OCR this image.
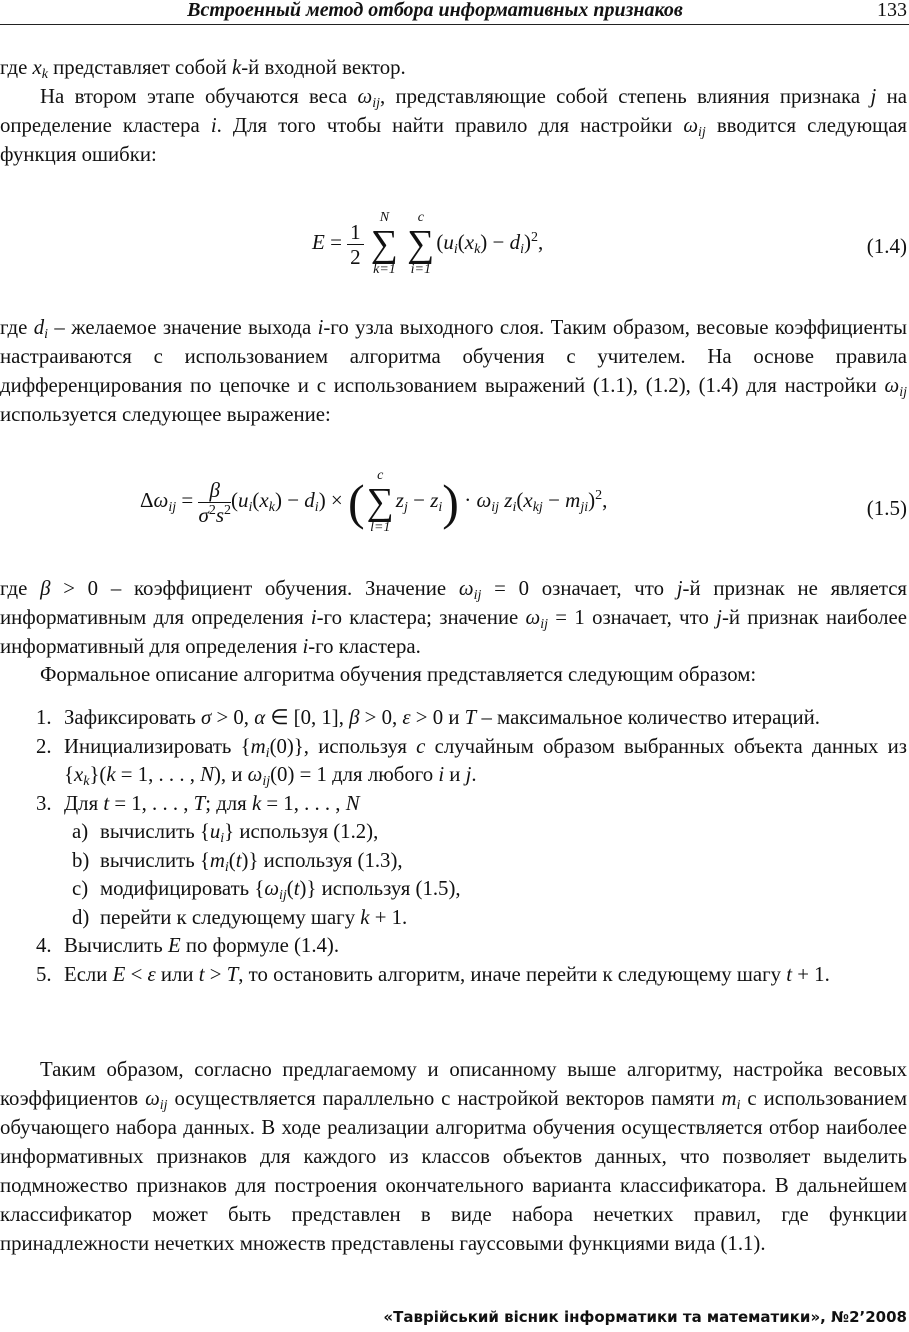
Встроенный метод отбора информативных признаков	133
где $x_k$ представляет собой k-й входной вектор.
На втором этапе обучаются веса $\omega_{ij}$, представляющие собой степень влияния признака j на определение кластера i. Для того чтобы найти правило для настройки $\omega_{ij}$ вводится следующая функция ошибки:
$E = \frac{1}{2}$

N
∑
k=1

c
∑
i=1
$(u_i(x_k) - d_i)^2$,	(1.4)
где $d_i$ – желаемое значение выхода i-го узла выходного слоя. Таким образом, весовые коэффициенты настраиваются с использованием алгоритма обучения с учителем. На основе правила дифференцирования по цепочке и с использованием выражений (1.1), (1.2), (1.4) для настройки $\omega_{ij}$ используется следующее выражение:
$\Delta\omega_{ij} = \frac{\beta}{\sigma^2s^2} (u_i(x_k) - d_i)$ × ( c
∑
l=1
$z_j - z_i) \cdot \omega_{ij}$ $z_i(x_{kj} - m_{ji})^2$,	(1.5)
где β > 0 – коэффициент обучения. Значение $\omega_{ij} = 0$ означает, что j-й признак не является информативным для определения i-го кластера; значение $\omega_{ij} = 1$ означает, что j-й признак наиболее информативный для определения i-го кластера.
Формальное описание алгоритма обучения представляется следующим образом:
1. Зафиксировать σ > 0, α ∈ [0, 1], β > 0, ε > 0 и T – максимальное количество итераций.
2. Инициализировать $\{m_i(0)\}$, используя c случайным образом выбранных объекта данных из $\{x_k\}(k = 1$, . . . , N), и $\omega_{ij}(0) = 1$ для любого i и j.
3. Для t = 1, . . . , T; для k = 1, . . . , N
a) вычислить $\{u_i\}$ используя (1.2),
b) вычислить $\{m_i(t)\}$ используя (1.3),
c) модифицировать $\{\omega_{ij}(t)\}$ используя (1.5),
d) перейти к следующему шагу k + 1.
4. Вычислить E по формуле (1.4).
5. Если E < ε или t > T, то остановить алгоритм, иначе перейти к следующему шагу t + 1.
Таким образом, согласно предлагаемому и описанному выше алгоритму, настройка весовых коэффициентов $\omega_{ij}$ осуществляется параллельно с настройкой векторов памяти $m_i$ с использованием обучающего набора данных. В ходе реализации алгоритма обучения осуществляется отбор наиболее информативных признаков для каждого из классов объектов данных, что позволяет выделить подмножество признаков для построения окончательного варианта классификатора. В дальнейшем классификатор может быть представлен в виде набора нечетких правил, где функции принадлежности нечетких множеств представлены гауссовыми функциями вида (1.1).
«Таврійський вісник інформатики та математики», №2’2008
